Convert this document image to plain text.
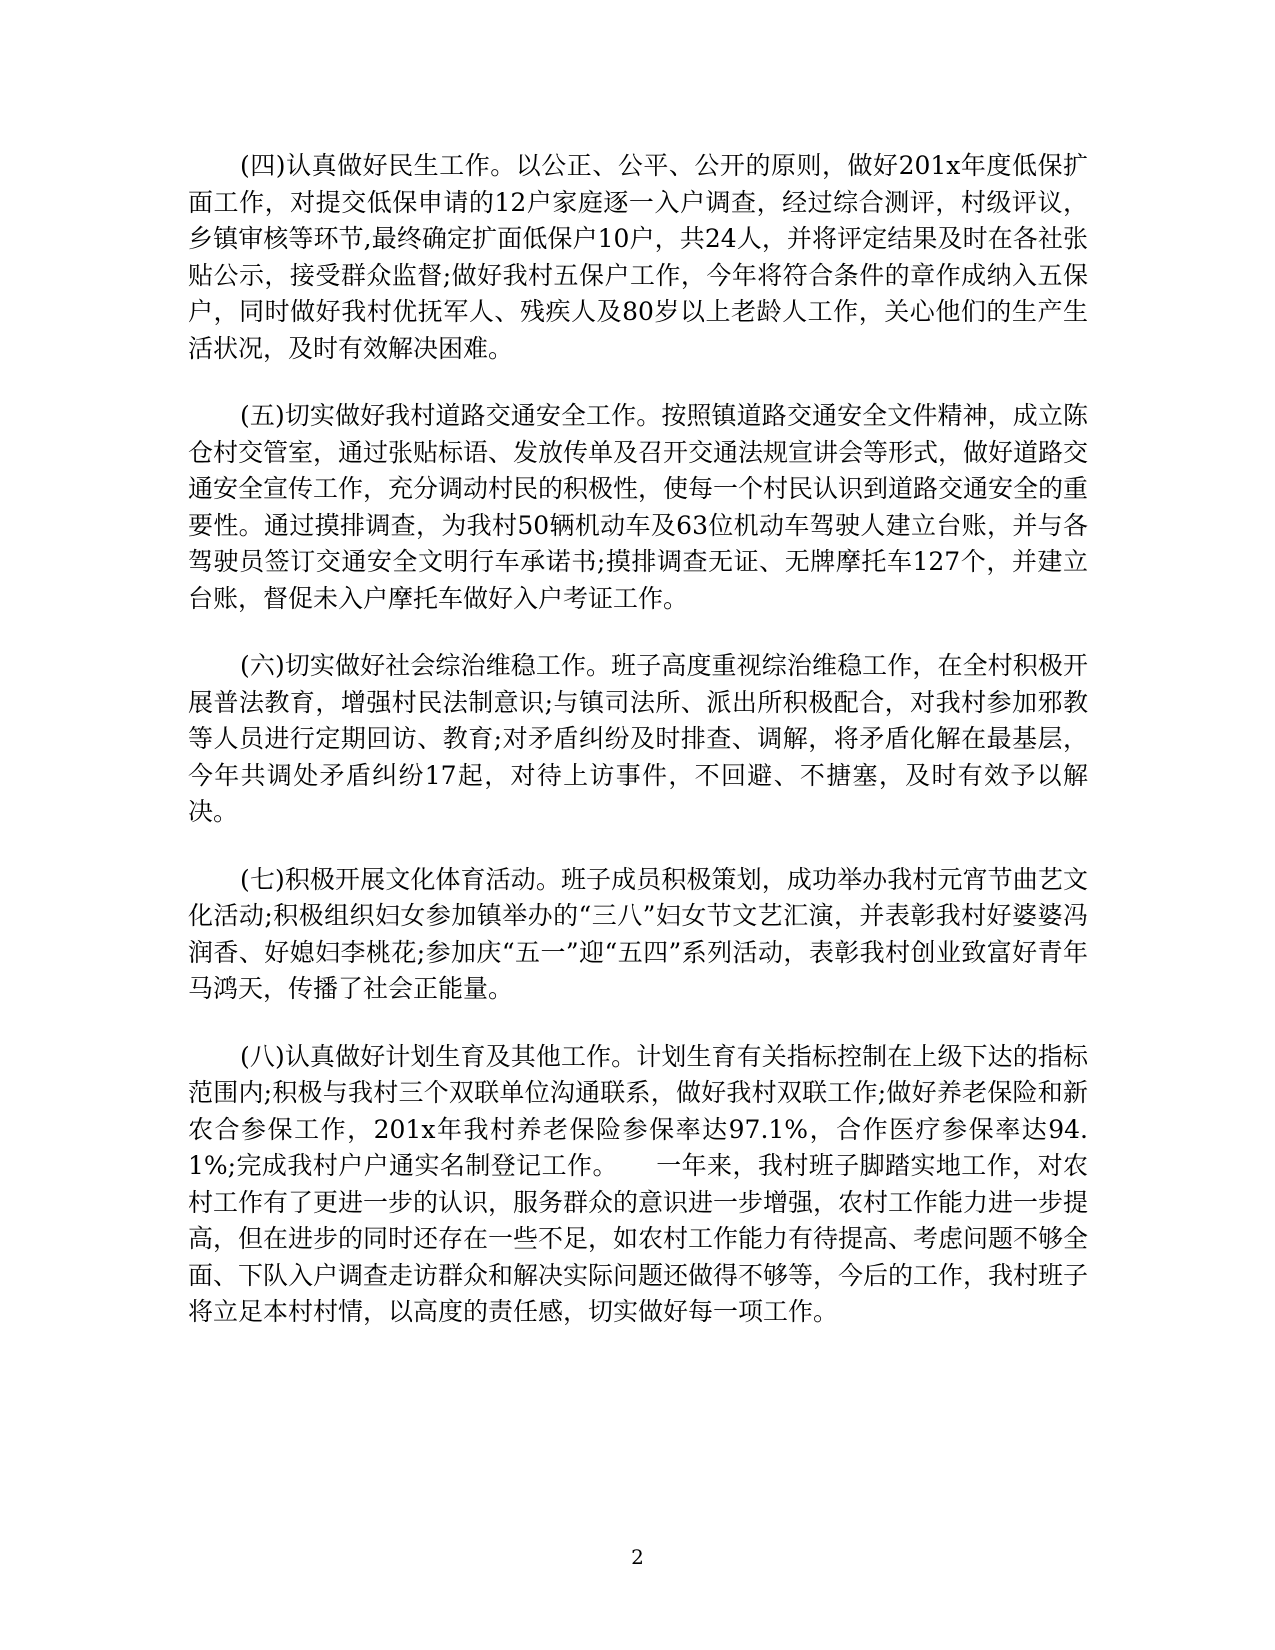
(四)认真做好民生工作。以公正、公平、公开的原则，做好201x年度低保扩面工作，对提交低保申请的12户家庭逐一入户调查，经过综合测评，村级评议，乡镇审核等环节,最终确定扩面低保户10户，共24人，并将评定结果及时在各社张贴公示，接受群众监督;做好我村五保户工作，今年将符合条件的章作成纳入五保户，同时做好我村优抚军人、残疾人及80岁以上老龄人工作，关心他们的生产生活状况，及时有效解决困难。

(五)切实做好我村道路交通安全工作。按照镇道路交通安全文件精神，成立陈仓村交管室，通过张贴标语、发放传单及召开交通法规宣讲会等形式，做好道路交通安全宣传工作，充分调动村民的积极性，使每一个村民认识到道路交通安全的重要性。通过摸排调查，为我村50辆机动车及63位机动车驾驶人建立台账，并与各驾驶员签订交通安全文明行车承诺书;摸排调查无证、无牌摩托车127个，并建立台账，督促未入户摩托车做好入户考证工作。

(六)切实做好社会综治维稳工作。班子高度重视综治维稳工作，在全村积极开展普法教育，增强村民法制意识;与镇司法所、派出所积极配合，对我村参加邪教等人员进行定期回访、教育;对矛盾纠纷及时排查、调解，将矛盾化解在最基层，今年共调处矛盾纠纷17起，对待上访事件，不回避、不搪塞，及时有效予以解决。

(七)积极开展文化体育活动。班子成员积极策划，成功举办我村元宵节曲艺文化活动;积极组织妇女参加镇举办的“三八”妇女节文艺汇演，并表彰我村好婆婆冯润香、好媳妇李桃花;参加庆“五一”迎“五四”系列活动，表彰我村创业致富好青年马鸿天，传播了社会正能量。

(八)认真做好计划生育及其他工作。计划生育有关指标控制在上级下达的指标范围内;积极与我村三个双联单位沟通联系，做好我村双联工作;做好养老保险和新农合参保工作，201x年我村养老保险参保率达97.1%，合作医疗参保率达94.1%;完成我村户户通实名制登记工作。　　一年来，我村班子脚踏实地工作，对农村工作有了更进一步的认识，服务群众的意识进一步增强，农村工作能力进一步提高，但在进步的同时还存在一些不足，如农村工作能力有待提高、考虑问题不够全面、下队入户调查走访群众和解决实际问题还做得不够等，今后的工作，我村班子将立足本村村情，以高度的责任感，切实做好每一项工作。

2
